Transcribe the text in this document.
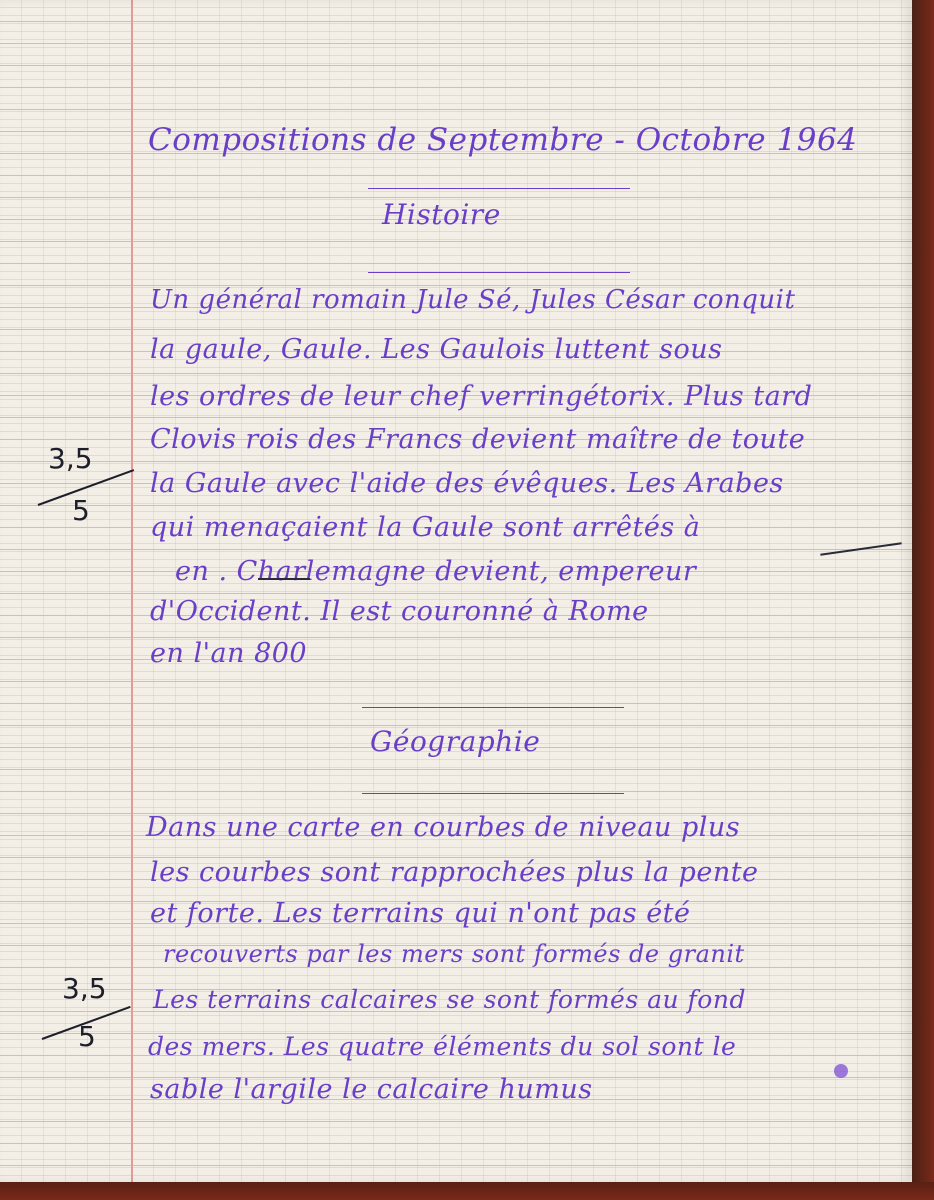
Compositions de Septembre - Octobre 1964
Histoire
Un général romain Jule Sé, Jules César conquit
la gaule, Gaule. Les Gaulois luttent sous
les ordres de leur chef verringétorix. Plus tard
Clovis rois des Francs devient maître de toute
la Gaule avec l'aide des évêques. Les Arabes
qui menaçaient la Gaule sont arrêtés à
en . Charlemagne devient, empereur
d'Occident. Il est couronné à Rome
en l'an 800
3,5
5
Géographie
Dans une carte en courbes de niveau plus
les courbes sont rapprochées plus la pente
et forte. Les terrains qui n'ont pas été
recouverts par les mers sont formés de granit
Les terrains calcaires se sont formés au fond
des mers. Les quatre éléments du sol sont le
sable l'argile le calcaire humus
3,5
5
